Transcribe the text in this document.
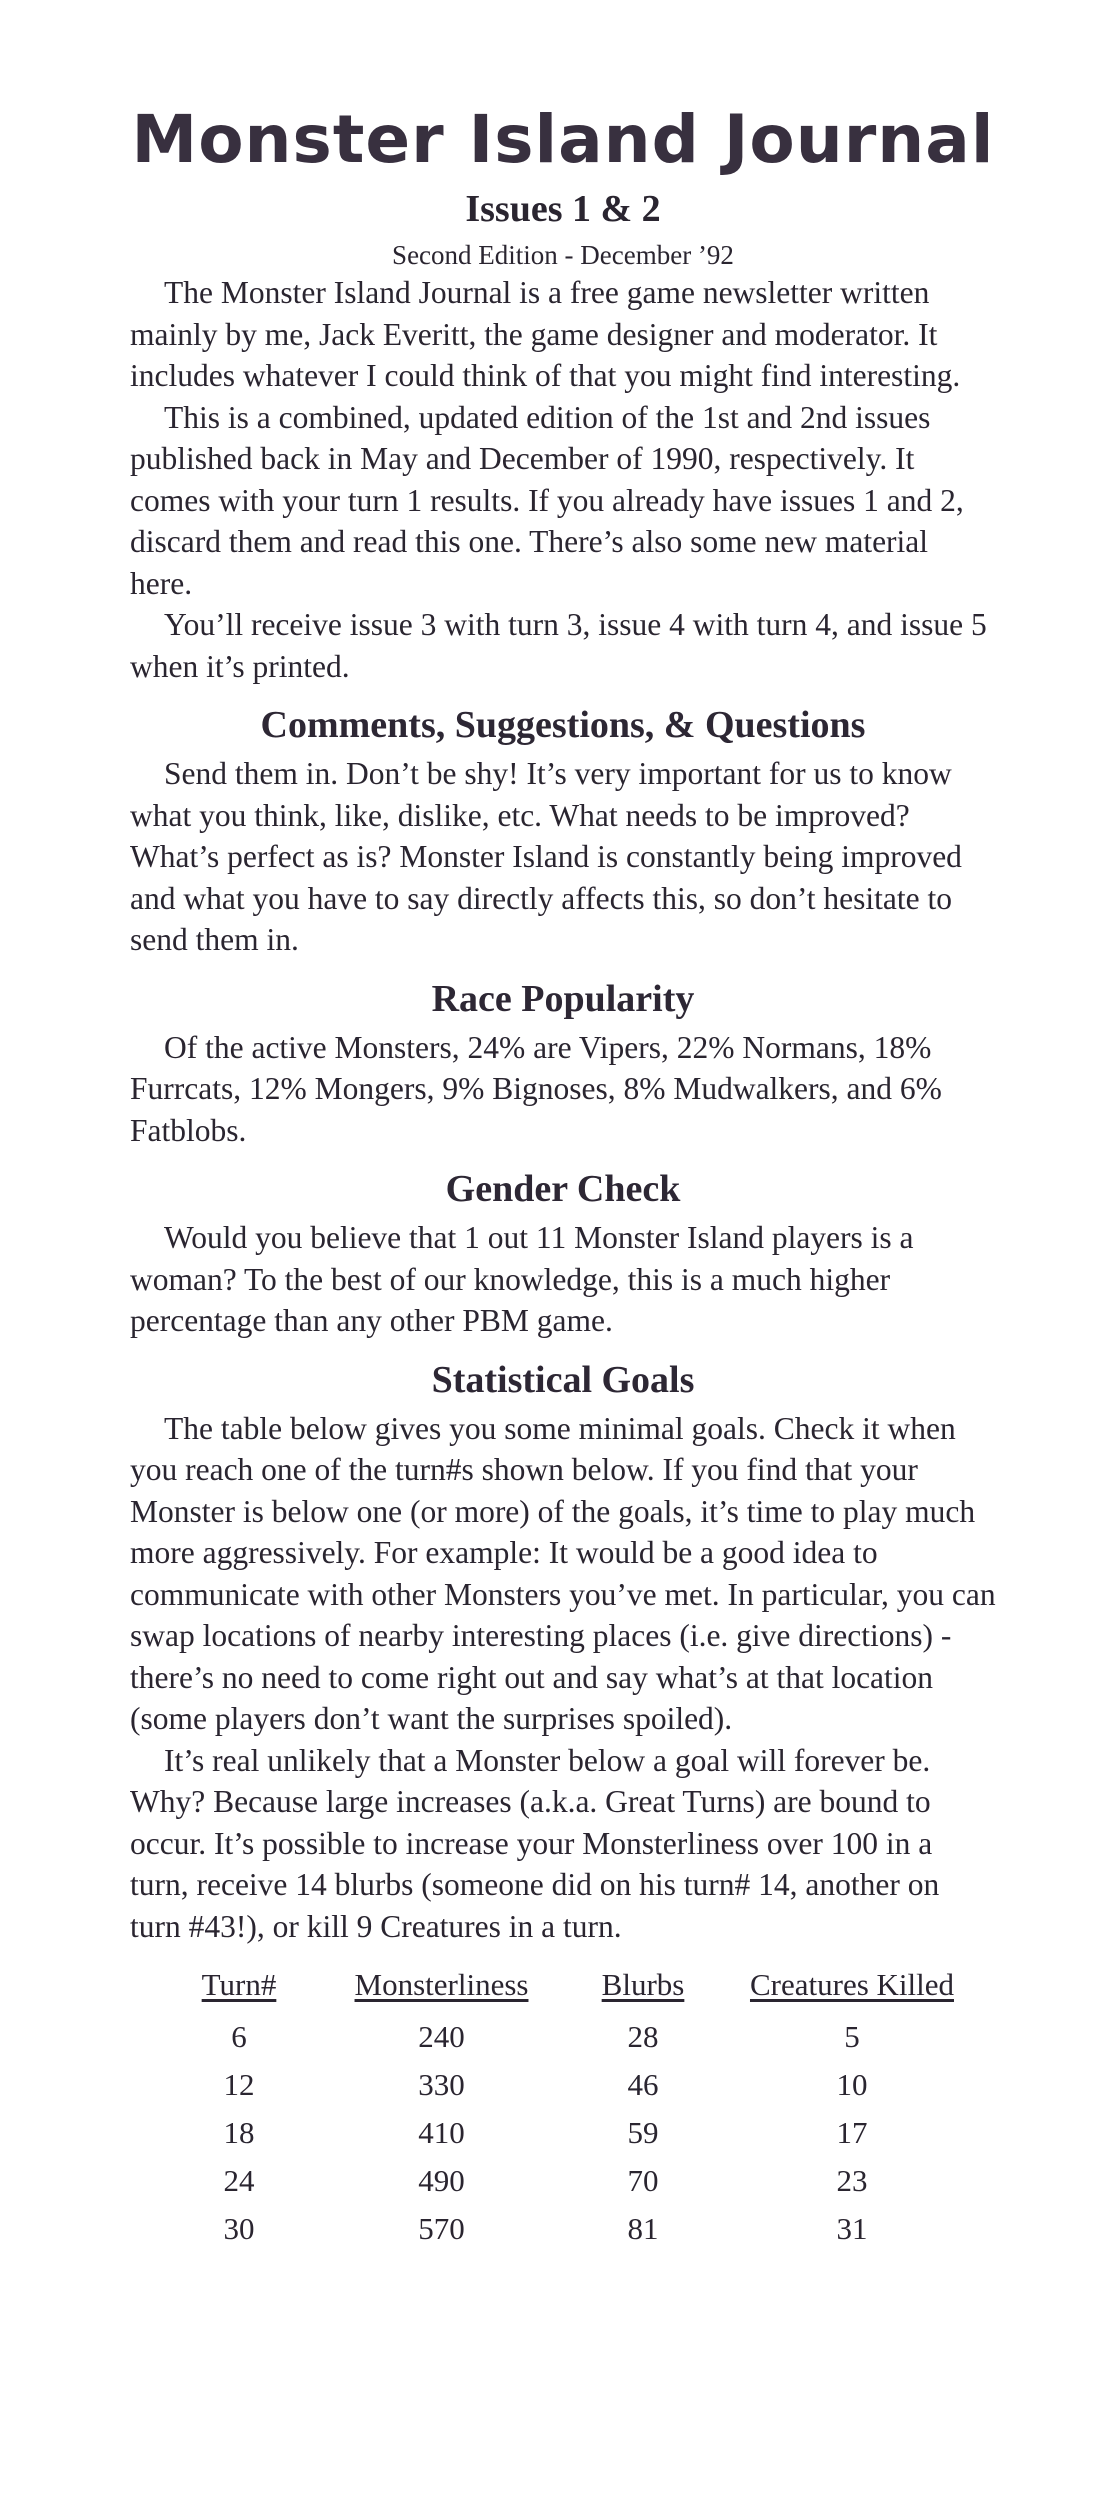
Monster Island Journal
Issues 1 & 2
Second Edition - December ’92

The Monster Island Journal is a free game newsletter written mainly by me, Jack Everitt, the game designer and moderator. It includes whatever I could think of that you might find interesting.

This is a combined, updated edition of the 1st and 2nd issues published back in May and December of 1990, respectively. It comes with your turn 1 results. If you already have issues 1 and 2, discard them and read this one. There’s also some new material here.

You’ll receive issue 3 with turn 3, issue 4 with turn 4, and issue 5 when it’s printed.

Comments, Suggestions, & Questions

Send them in. Don’t be shy! It’s very important for us to know what you think, like, dislike, etc. What needs to be improved? What’s perfect as is? Monster Island is constantly being improved and what you have to say directly affects this, so don’t hesitate to send them in.

Race Popularity

Of the active Monsters, 24% are Vipers, 22% Normans, 18% Furrcats, 12% Mongers, 9% Bignoses, 8% Mudwalkers, and 6% Fatblobs.

Gender Check

Would you believe that 1 out 11 Monster Island players is a woman? To the best of our knowledge, this is a much higher percentage than any other PBM game.

Statistical Goals

The table below gives you some minimal goals. Check it when you reach one of the turn#s shown below. If you find that your Monster is below one (or more) of the goals, it’s time to play much more aggressively. For example: It would be a good idea to communicate with other Monsters you’ve met. In particular, you can swap locations of nearby interesting places (i.e. give directions) - there’s no need to come right out and say what’s at that location (some players don’t want the surprises spoiled).

It’s real unlikely that a Monster below a goal will forever be. Why? Because large increases (a.k.a. Great Turns) are bound to occur. It’s possible to increase your Monsterliness over 100 in a turn, receive 14 blurbs (someone did on his turn# 14, another on turn #43!), or kill 9 Creatures in a turn.

Turn#	Monsterliness	Blurbs	Creatures Killed
6	240	28	5
12	330	46	10
18	410	59	17
24	490	70	23
30	570	81	31
